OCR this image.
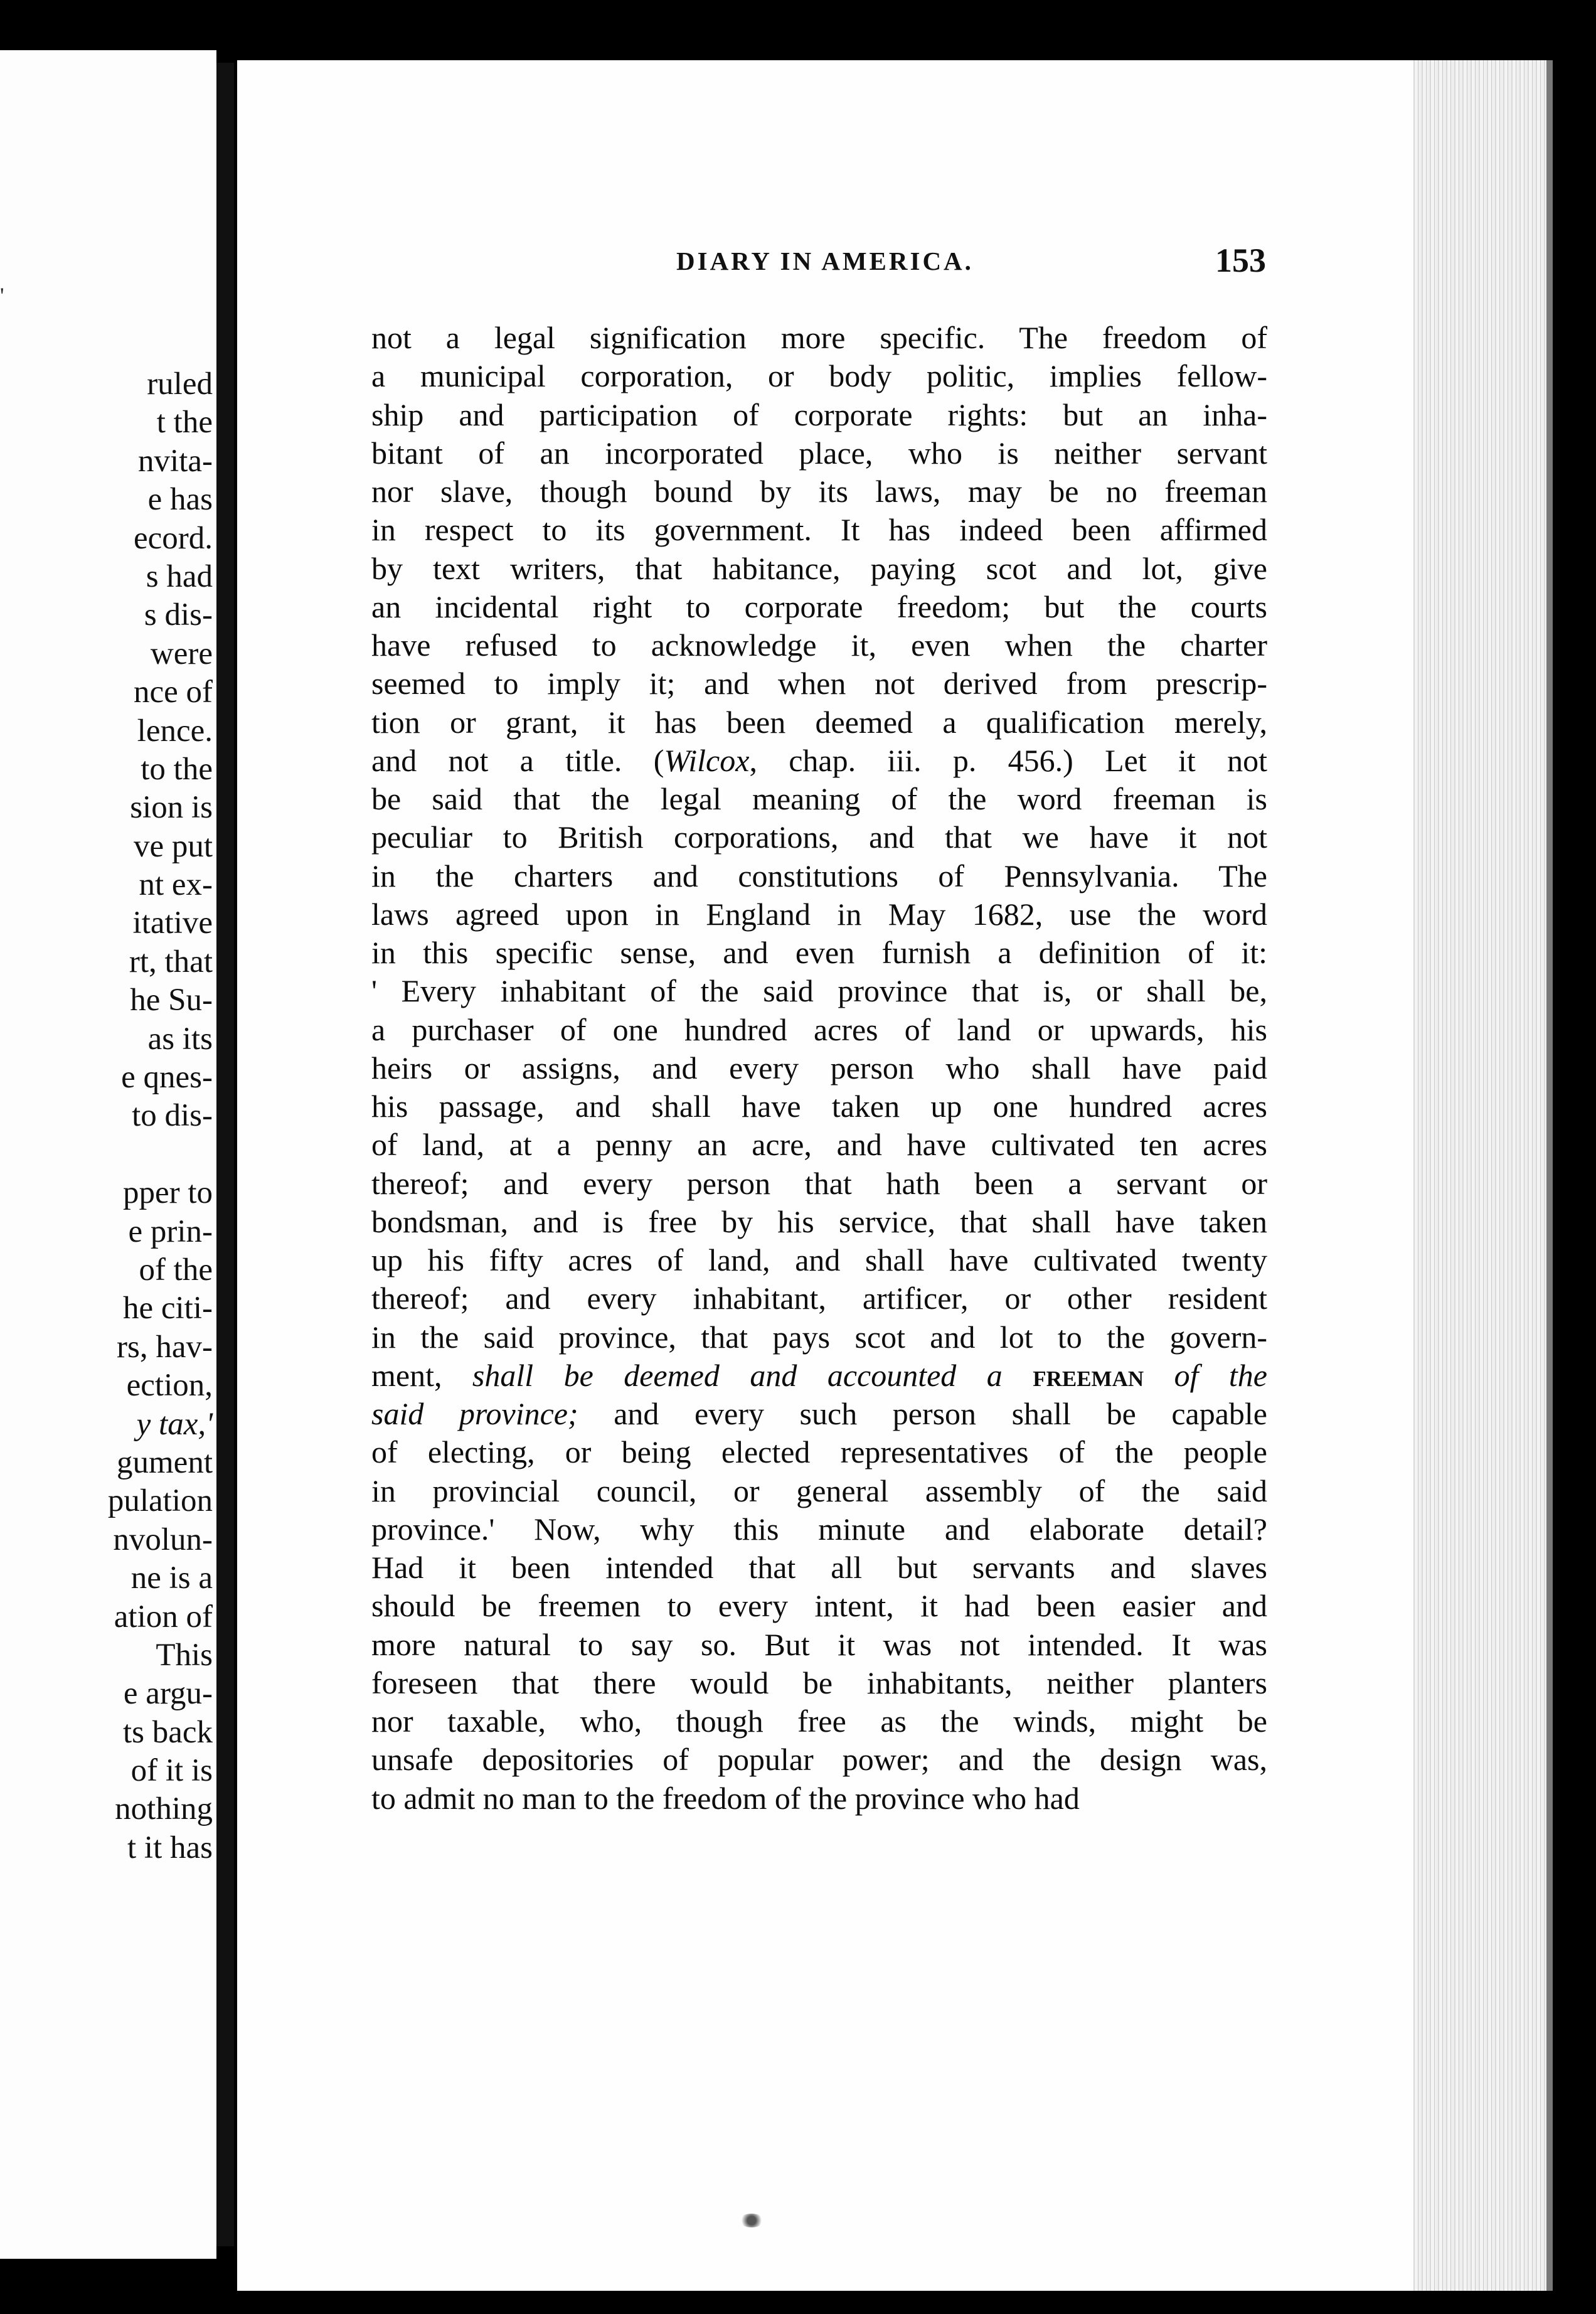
'
ruled
t the
nvita-
e has
ecord.
s had
s dis-
were
nce of
lence.
to the
sion is
ve put
nt ex-
itative
rt, that
he Su-
as its
e qnes-
to dis-
pper to
e prin-
of the
he citi-
rs, hav-
ection,
y tax,'
gument
pulation
nvolun-
ne is a
ation of
This
e argu-
ts back
of it is
nothing
t it has
DIARY IN AMERICA.	153
not a legal signification more specific. The freedom of
a municipal corporation, or body politic, implies fellow-
ship and participation of corporate rights: but an inha-
bitant of an incorporated place, who is neither servant
nor slave, though bound by its laws, may be no freeman
in respect to its government. It has indeed been affirmed
by text writers, that habitance, paying scot and lot, give
an incidental right to corporate freedom; but the courts
have refused to acknowledge it, even when the charter
seemed to imply it; and when not derived from prescrip-
tion or grant, it has been deemed a qualification merely,
and not a title. (Wilcox, chap. iii. p. 456.) Let it not
be said that the legal meaning of the word freeman is
peculiar to British corporations, and that we have it not
in the charters and constitutions of Pennsylvania. The
laws agreed upon in England in May 1682, use the word
in this specific sense, and even furnish a definition of it:
' Every inhabitant of the said province that is, or shall be,
a purchaser of one hundred acres of land or upwards, his
heirs or assigns, and every person who shall have paid
his passage, and shall have taken up one hundred acres
of land, at a penny an acre, and have cultivated ten acres
thereof; and every person that hath been a servant or
bondsman, and is free by his service, that shall have taken
up his fifty acres of land, and shall have cultivated twenty
thereof; and every inhabitant, artificer, or other resident
in the said province, that pays scot and lot to the govern-
ment, shall be deemed and accounted a freeman of the
said province; and every such person shall be capable
of electing, or being elected representatives of the people
in provincial council, or general assembly of the said
province.' Now, why this minute and elaborate detail?
Had it been intended that all but servants and slaves
should be freemen to every intent, it had been easier and
more natural to say so. But it was not intended. It was
foreseen that there would be inhabitants, neither planters
nor taxable, who, though free as the winds, might be
unsafe depositories of popular power; and the design was,
to admit no man to the freedom of the province who had
